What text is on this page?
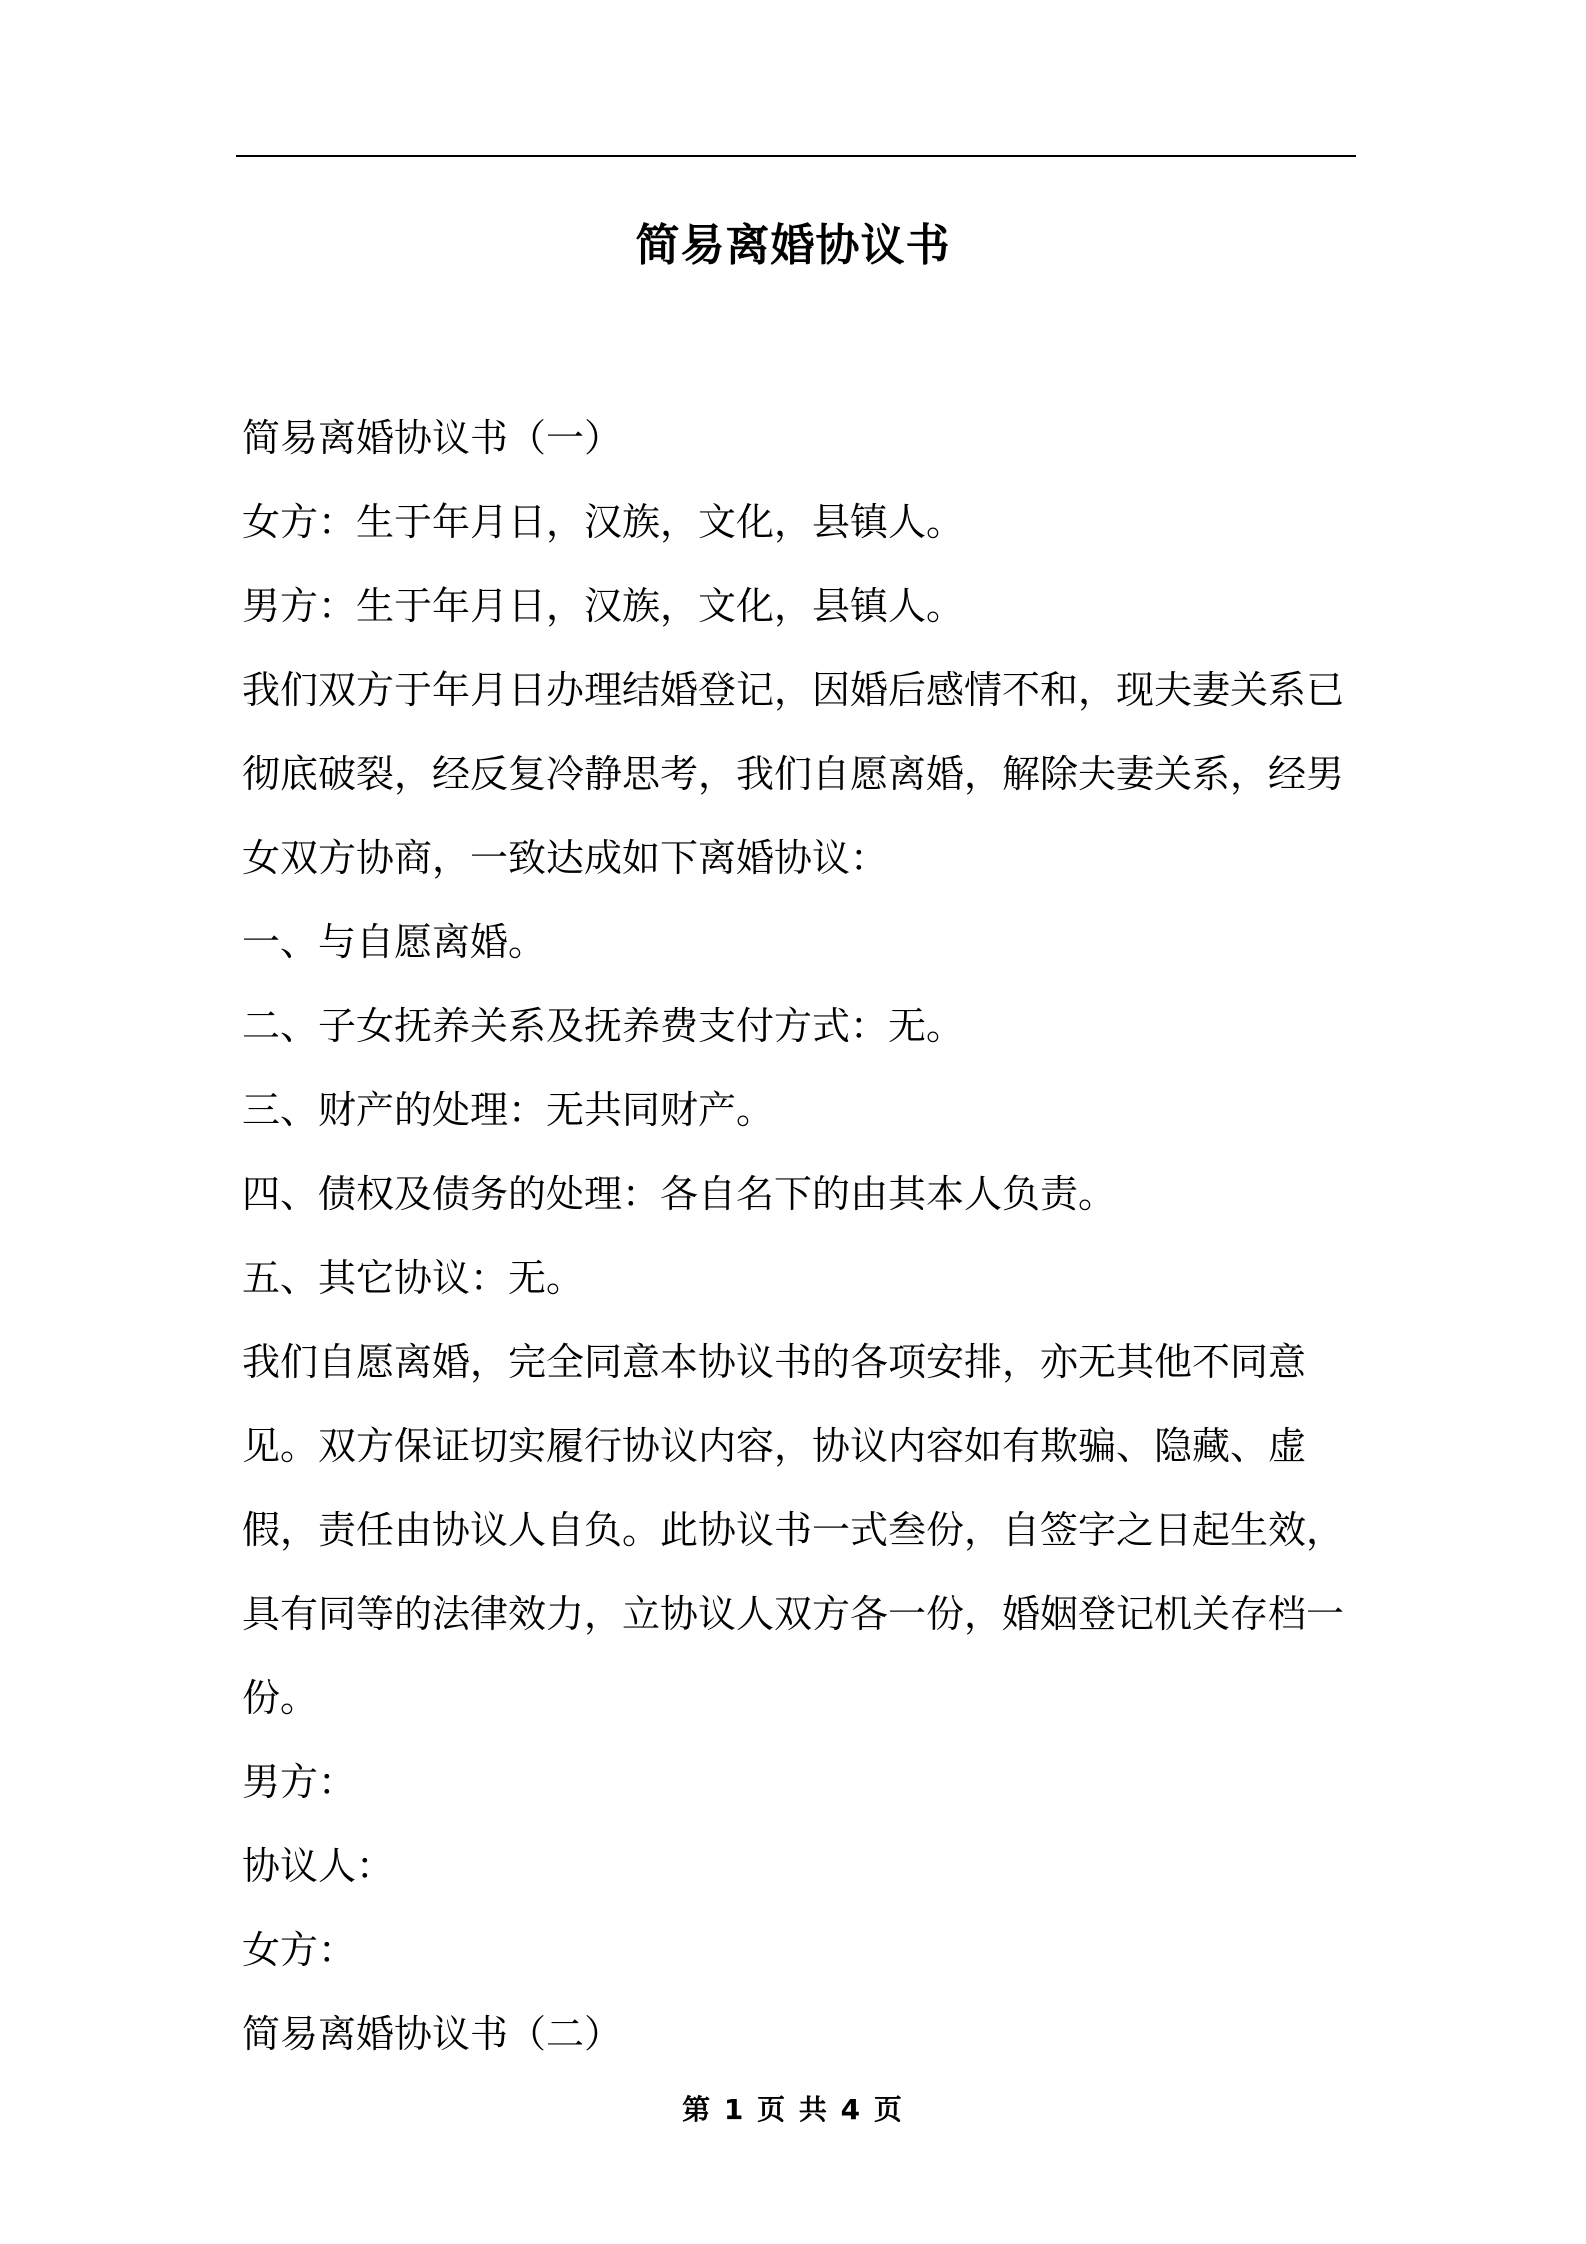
简易离婚协议书

简易离婚协议书（一）

女方：生于年月日，汉族，文化，县镇人。

男方：生于年月日，汉族，文化，县镇人。

我们双方于年月日办理结婚登记，因婚后感情不和，现夫妻关系已彻底破裂，经反复冷静思考，我们自愿离婚，解除夫妻关系，经男女双方协商，一致达成如下离婚协议：

一、与自愿离婚。

二、子女抚养关系及抚养费支付方式：无。

三、财产的处理：无共同财产。

四、债权及债务的处理：各自名下的由其本人负责。

五、其它协议：无。

我们自愿离婚，完全同意本协议书的各项安排，亦无其他不同意见。双方保证切实履行协议内容，协议内容如有欺骗、隐藏、虚假，责任由协议人自负。此协议书一式叁份，自签字之日起生效，具有同等的法律效力，立协议人双方各一份，婚姻登记机关存档一份。

男方：

协议人：

女方：

简易离婚协议书（二）

第 1 页 共 4 页
